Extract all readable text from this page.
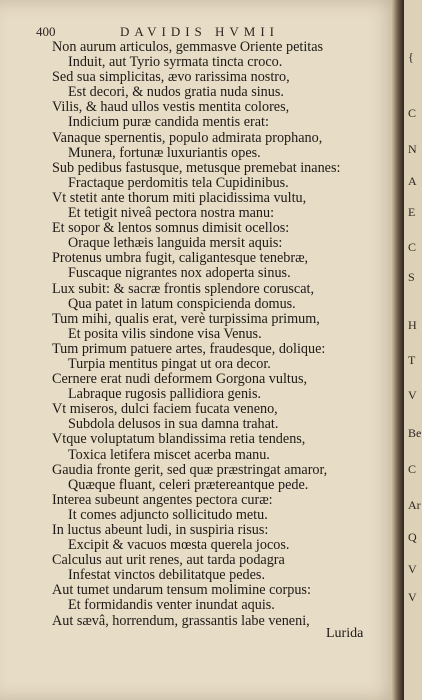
400	DAVIDIS HVMII
Non aurum articulos, gemmasve Oriente petitas
Induit, aut Tyrio syrmata tincta croco.
Sed sua simplicitas, ævo rarissima nostro,
Est decori, & nudos gratia nuda sinus.
Vilis, & haud ullos vestis mentita colores,
Indicium puræ candida mentis erat:
Vanaque spernentis, populo admirata prophano,
Munera, fortunæ luxuriantis opes.
Sub pedibus fastusque, metusque premebat inanes:
Fractaque perdomitis tela Cupidinibus.
Vt stetit ante thorum miti placidissima vultu,
Et tetigit niveâ pectora nostra manu:
Et sopor & lentos somnus dimisit ocellos:
Oraque lethæis languida mersit aquis:
Protenus umbra fugit, caligantesque tenebræ,
Fuscaque nigrantes nox adoperta sinus.
Lux subit: & sacræ frontis splendore coruscat,
Qua patet in latum conspicienda domus.
Tum mihi, qualis erat, verè turpissima primum,
Et posita vilis sindone visa Venus.
Tum primum patuere artes, fraudesque, dolique:
Turpia mentitus pingat ut ora decor.
Cernere erat nudi deformem Gorgona vultus,
Labraque rugosis pallidiora genis.
Vt miseros, dulci faciem fucata veneno,
Subdola delusos in sua damna trahat.
Vtque voluptatum blandissima retia tendens,
Toxica letifera miscet acerba manu.
Gaudia fronte gerit, sed quæ præstringat amaror,
Quæque fluant, celeri prætereantque pede.
Interea subeunt angentes pectora curæ:
It comes adjuncto sollicitudo metu.
In luctus abeunt ludi, in suspiria risus:
Excipit & vacuos mœsta querela jocos.
Calculus aut urit renes, aut tarda podagra
Infestat vinctos debilitatque pedes.
Aut tumet undarum tensum molimine corpus:
Et formidandis venter inundat aquis.
Aut sævâ, horrendum, grassantis labe veneni,
Lurida
{
C
N
A
E
C
S
H
T
V
Be
C
Ar
Q
V
V
